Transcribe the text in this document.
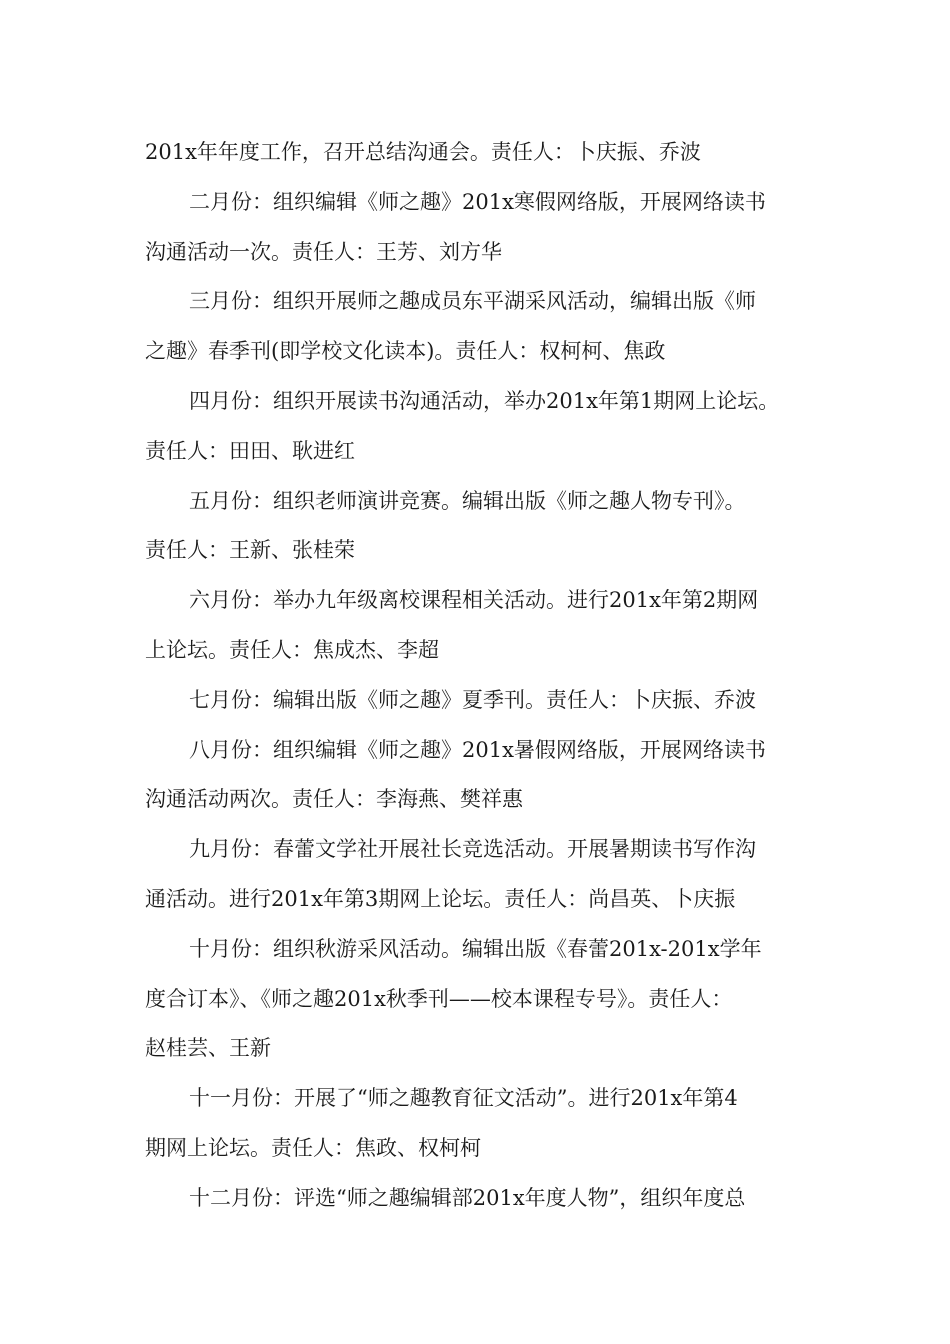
201x年年度工作，召开总结沟通会。责任人：卜庆振、乔波
二月份：组织编辑《师之趣》201x寒假网络版，开展网络读书
沟通活动一次。责任人：王芳、刘方华
三月份：组织开展师之趣成员东平湖采风活动，编辑出版《师
之趣》春季刊(即学校文化读本)。责任人：权柯柯、焦政
四月份：组织开展读书沟通活动，举办201x年第1期网上论坛。
责任人：田田、耿进红
五月份：组织老师演讲竞赛。编辑出版《师之趣人物专刊》。
责任人：王新、张桂荣
六月份：举办九年级离校课程相关活动。进行201x年第2期网
上论坛。责任人：焦成杰、李超
七月份：编辑出版《师之趣》夏季刊。责任人：卜庆振、乔波
八月份：组织编辑《师之趣》201x暑假网络版，开展网络读书
沟通活动两次。责任人：李海燕、樊祥惠
九月份：春蕾文学社开展社长竞选活动。开展暑期读书写作沟
通活动。进行201x年第3期网上论坛。责任人：尚昌英、卜庆振
十月份：组织秋游采风活动。编辑出版《春蕾201x-201x学年
度合订本》、《师之趣201x秋季刊——校本课程专号》。责任人：
赵桂芸、王新
十一月份：开展了“师之趣教育征文活动”。进行201x年第4
期网上论坛。责任人：焦政、权柯柯
十二月份：评选“师之趣编辑部201x年度人物”，组织年度总
